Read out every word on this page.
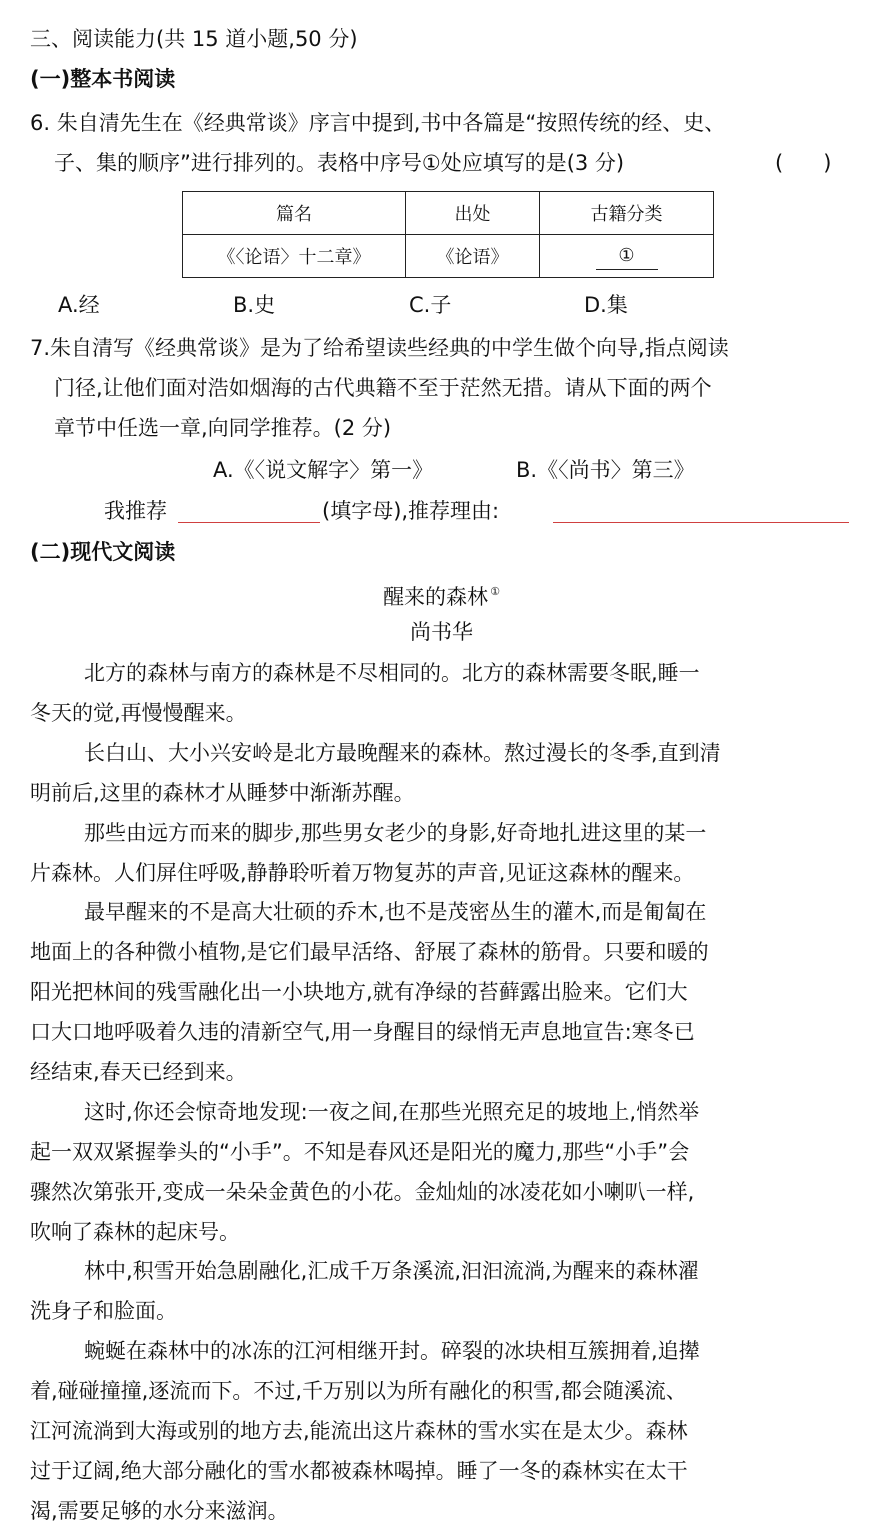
三、阅读能力(共 15 道小题,50 分)
(一)整本书阅读
6. 朱自清先生在《经典常谈》序言中提到,书中各篇是“按照传统的经、史、
子、集的顺序”进行排列的。表格中序号①处应填写的是(3 分)	( )
篇名	出处	古籍分类
《〈论语〉十二章》	《论语》	①
A.经	B.史	C.子	D.集
7.朱自清写《经典常谈》是为了给希望读些经典的中学生做个向导,指点阅读
门径,让他们面对浩如烟海的古代典籍不至于茫然无措。请从下面的两个
章节中任选一章,向同学推荐。(2 分)
A.《〈说文解字〉第一》	B.《〈尚书〉第三》
我推荐	(填字母),推荐理由:
(二)现代文阅读
醒来的森林 ①
尚书华
北方的森林与南方的森林是不尽相同的。北方的森林需要冬眠,睡一
冬天的觉,再慢慢醒来。
长白山、大小兴安岭是北方最晚醒来的森林。熬过漫长的冬季,直到清
明前后,这里的森林才从睡梦中渐渐苏醒。
那些由远方而来的脚步,那些男女老少的身影,好奇地扎进这里的某一
片森林。人们屏住呼吸,静静聆听着万物复苏的声音,见证这森林的醒来。
最早醒来的不是高大壮硕的乔木,也不是茂密丛生的灌木,而是匍匐在
地面上的各种微小植物,是它们最早活络、舒展了森林的筋骨。只要和暖的
阳光把林间的残雪融化出一小块地方,就有净绿的苔藓露出脸来。它们大
口大口地呼吸着久违的清新空气,用一身醒目的绿悄无声息地宣告:寒冬已
经结束,春天已经到来。
这时,你还会惊奇地发现:一夜之间,在那些光照充足的坡地上,悄然举
起一双双紧握拳头的“小手”。不知是春风还是阳光的魔力,那些“小手”会
骤然次第张开,变成一朵朵金黄色的小花。金灿灿的冰凌花如小喇叭一样,
吹响了森林的起床号。
林中,积雪开始急剧融化,汇成千万条溪流,汩汩流淌,为醒来的森林濯
洗身子和脸面。
蜿蜒在森林中的冰冻的江河相继开封。碎裂的冰块相互簇拥着,追撵
着,碰碰撞撞,逐流而下。不过,千万别以为所有融化的积雪,都会随溪流、
江河流淌到大海或别的地方去,能流出这片森林的雪水实在是太少。森林
过于辽阔,绝大部分融化的雪水都被森林喝掉。睡了一冬的森林实在太干
渴,需要足够的水分来滋润。
